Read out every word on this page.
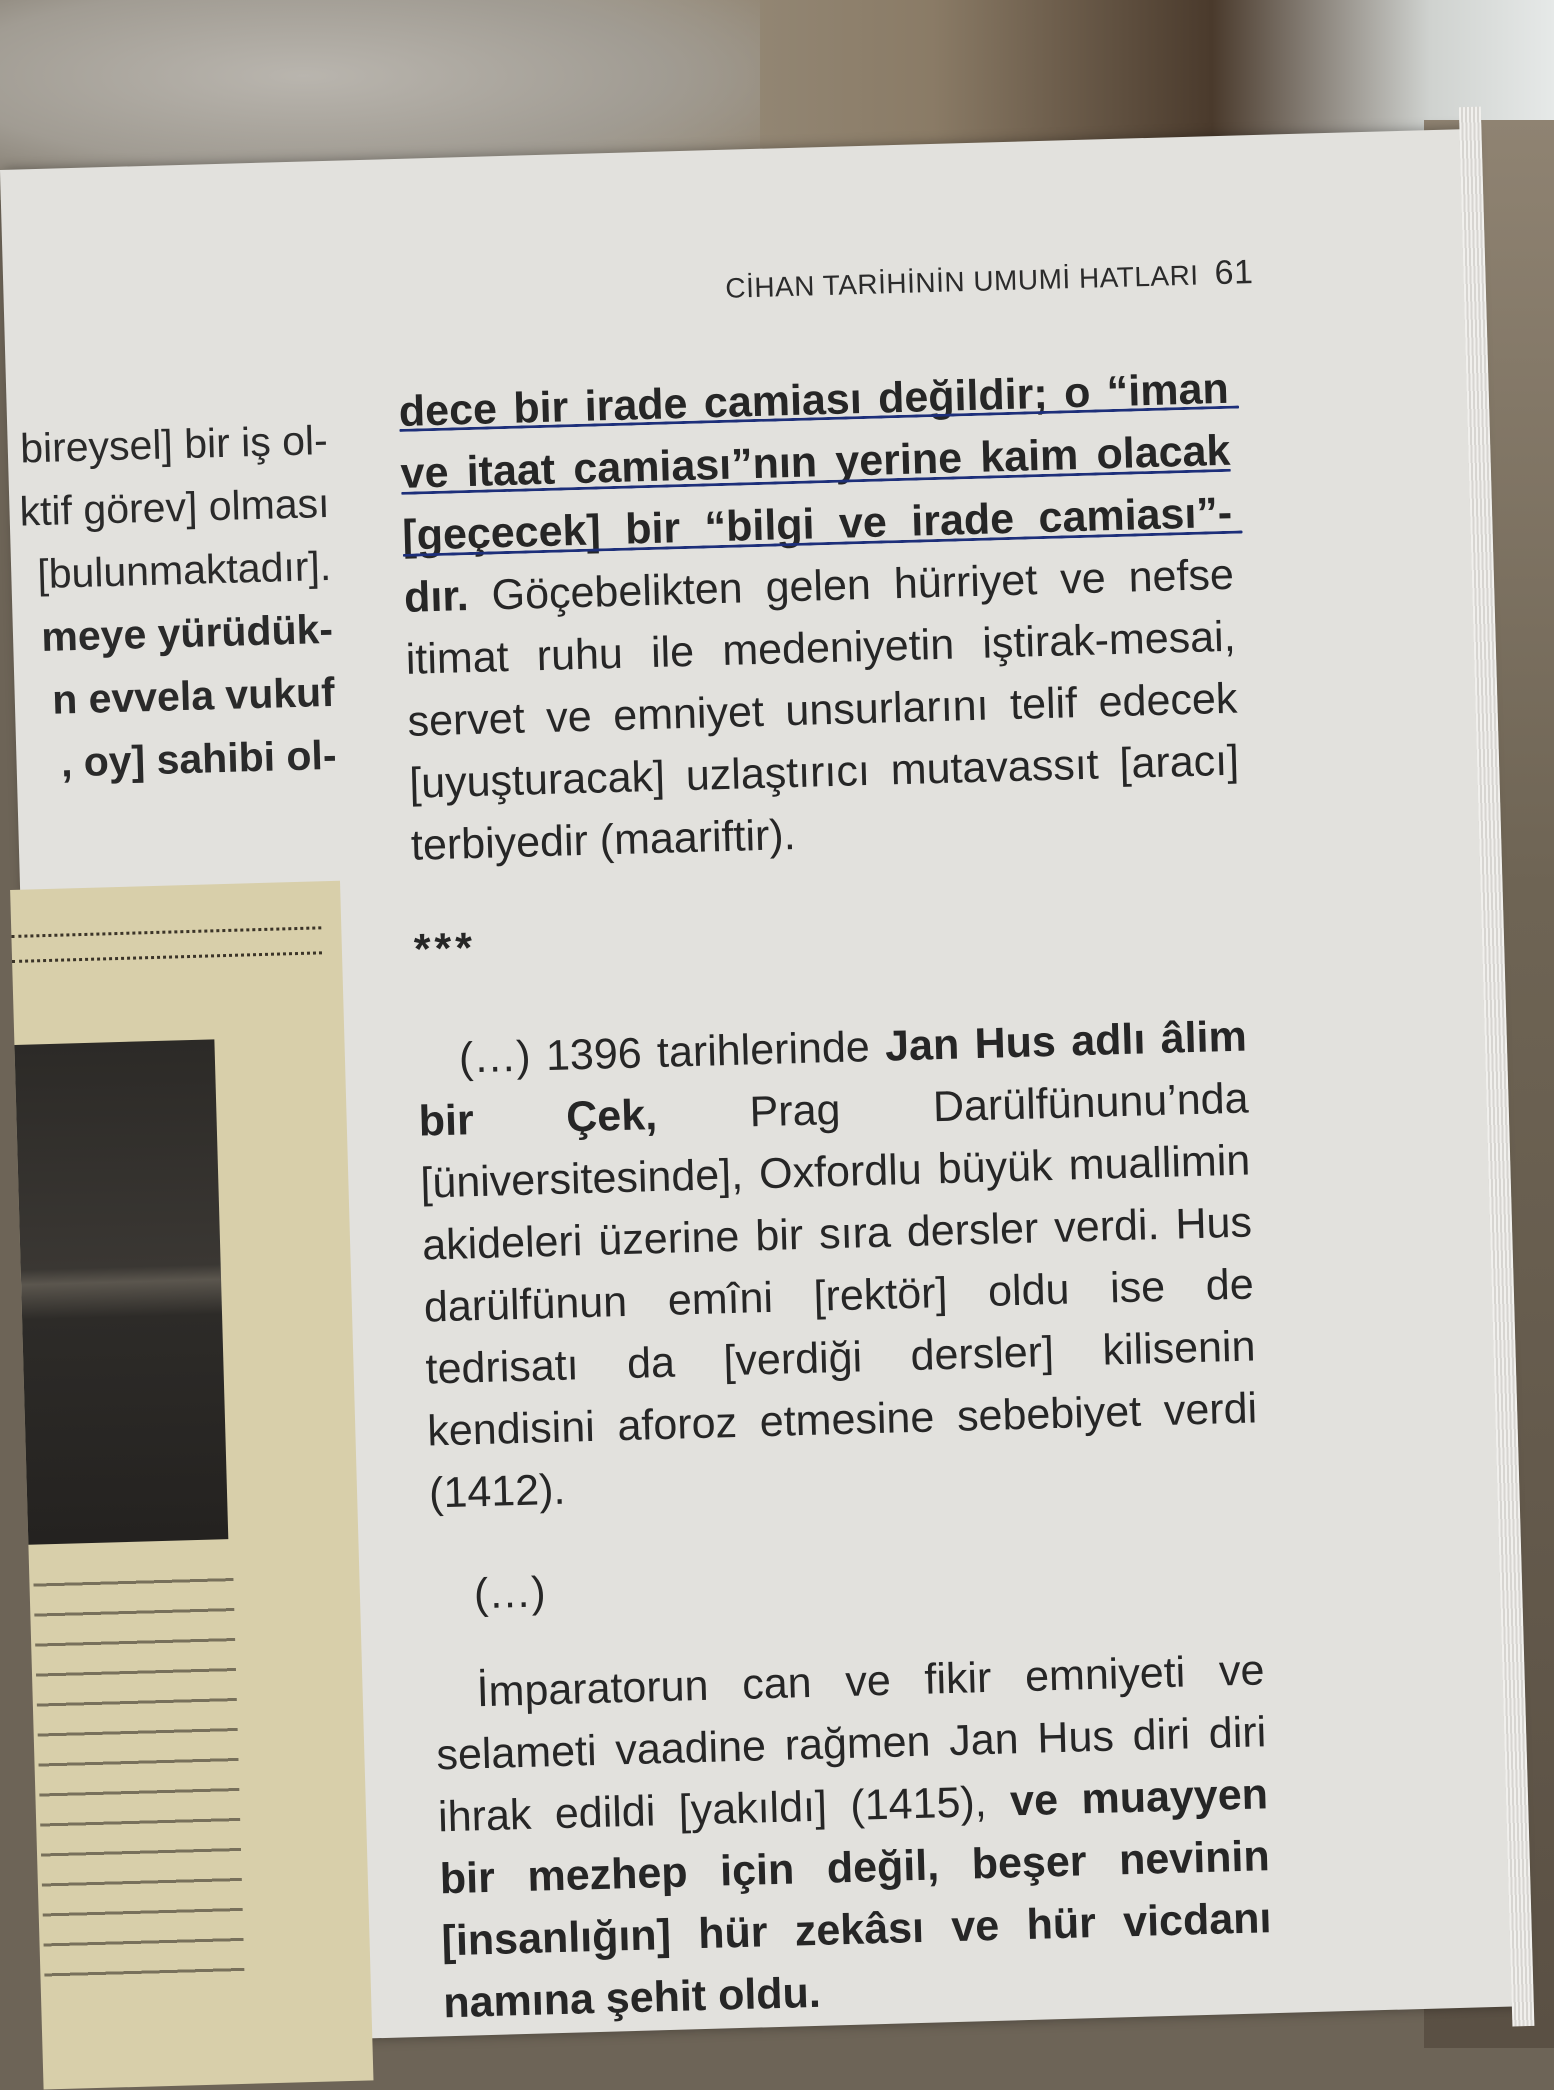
CİHAN TARİHİNİN UMUMİ HATLARI 61
bireysel] bir iş ol-
ktif görev] olması
[bulunmaktadır].
meye yürüdük-
n evvela vukuf
, oy] sahibi ol-

dece bir irade camiası değildir; o “iman ve itaat camiası”nın yerine kaim olacak [geçecek] bir “bilgi ve irade camiası”-dır. Göçebelikten gelen hürriyet ve nefse itimat ruhu ile medeniyetin iştirak-mesai, servet ve emniyet unsurlarını telif edecek [uyuşturacak] uzlaştırıcı mutavassıt [aracı] terbiyedir (maariftir).

***

(…) 1396 tarihlerinde Jan Hus adlı âlim bir Çek, Prag Darülfünunu’nda [üniversitesinde], Oxfordlu büyük muallimin akideleri üzerine bir sıra dersler verdi. Hus darülfünun emîni [rektör] oldu ise de tedrisatı da [verdiği dersler] kilisenin kendisini aforoz etmesine sebebiyet verdi (1412).

(…)

İmparatorun can ve fikir emniyeti ve selameti vaadine rağmen Jan Hus diri diri ihrak edildi [yakıldı] (1415), ve muayyen bir mezhep için değil, beşer nevinin [insanlığın] hür zekâsı ve hür vicdanı namına şehit oldu.
